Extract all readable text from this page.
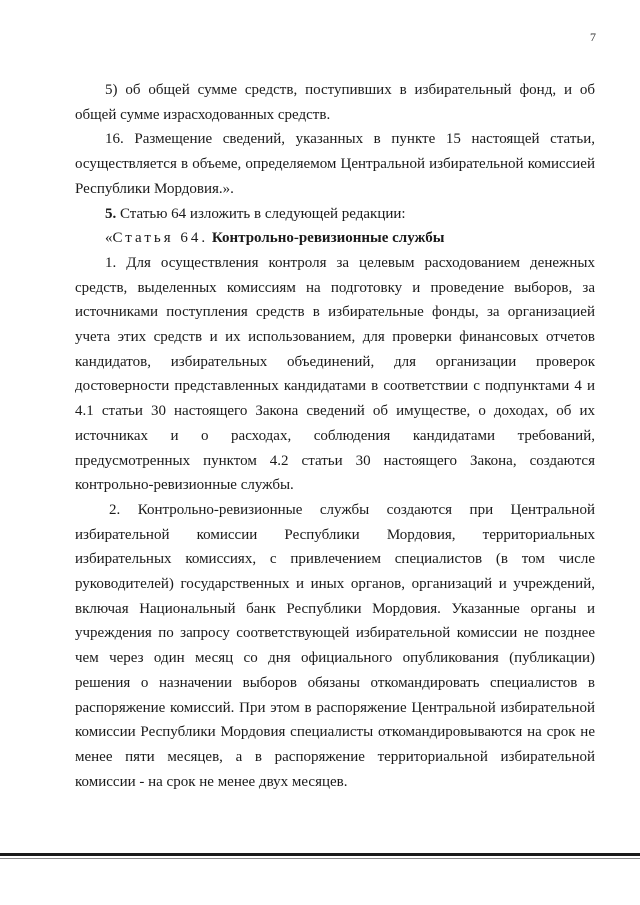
7

5) об общей сумме средств, поступивших в избирательный фонд, и об общей сумме израсходованных средств.

16. Размещение сведений, указанных в пункте 15 настоящей статьи, осуществляется в объеме, определяемом Центральной избирательной комиссией Республики Мордовия.».

5. Статью 64 изложить в следующей редакции:

«Статья 64. Контрольно-ревизионные службы

1. Для осуществления контроля за целевым расходованием денежных средств, выделенных комиссиям на подготовку и проведение выборов, за источниками поступления средств в избирательные фонды, за организацией учета этих средств и их использованием, для проверки финансовых отчетов кандидатов, избирательных объединений, для организации проверок достоверности представленных кандидатами в соответствии с подпунктами 4 и 4.1 статьи 30 настоящего Закона сведений об имуществе, о доходах, об их источниках и о расходах, соблюдения кандидатами требований, предусмотренных пунктом 4.2 статьи 30 настоящего Закона, создаются контрольно-ревизионные службы.

2. Контрольно-ревизионные службы создаются при Центральной избирательной комиссии Республики Мордовия, территориальных избирательных комиссиях, с привлечением специалистов (в том числе руководителей) государственных и иных органов, организаций и учреждений, включая Национальный банк Республики Мордовия. Указанные органы и учреждения по запросу соответствующей избирательной комиссии не позднее чем через один месяц со дня официального опубликования (публикации) решения о назначении выборов обязаны откомандировать специалистов в распоряжение комиссий. При этом в распоряжение Центральной избирательной комиссии Республики Мордовия специалисты откомандировываются на срок не менее пяти месяцев, а в распоряжение территориальной избирательной комиссии - на срок не менее двух месяцев.
